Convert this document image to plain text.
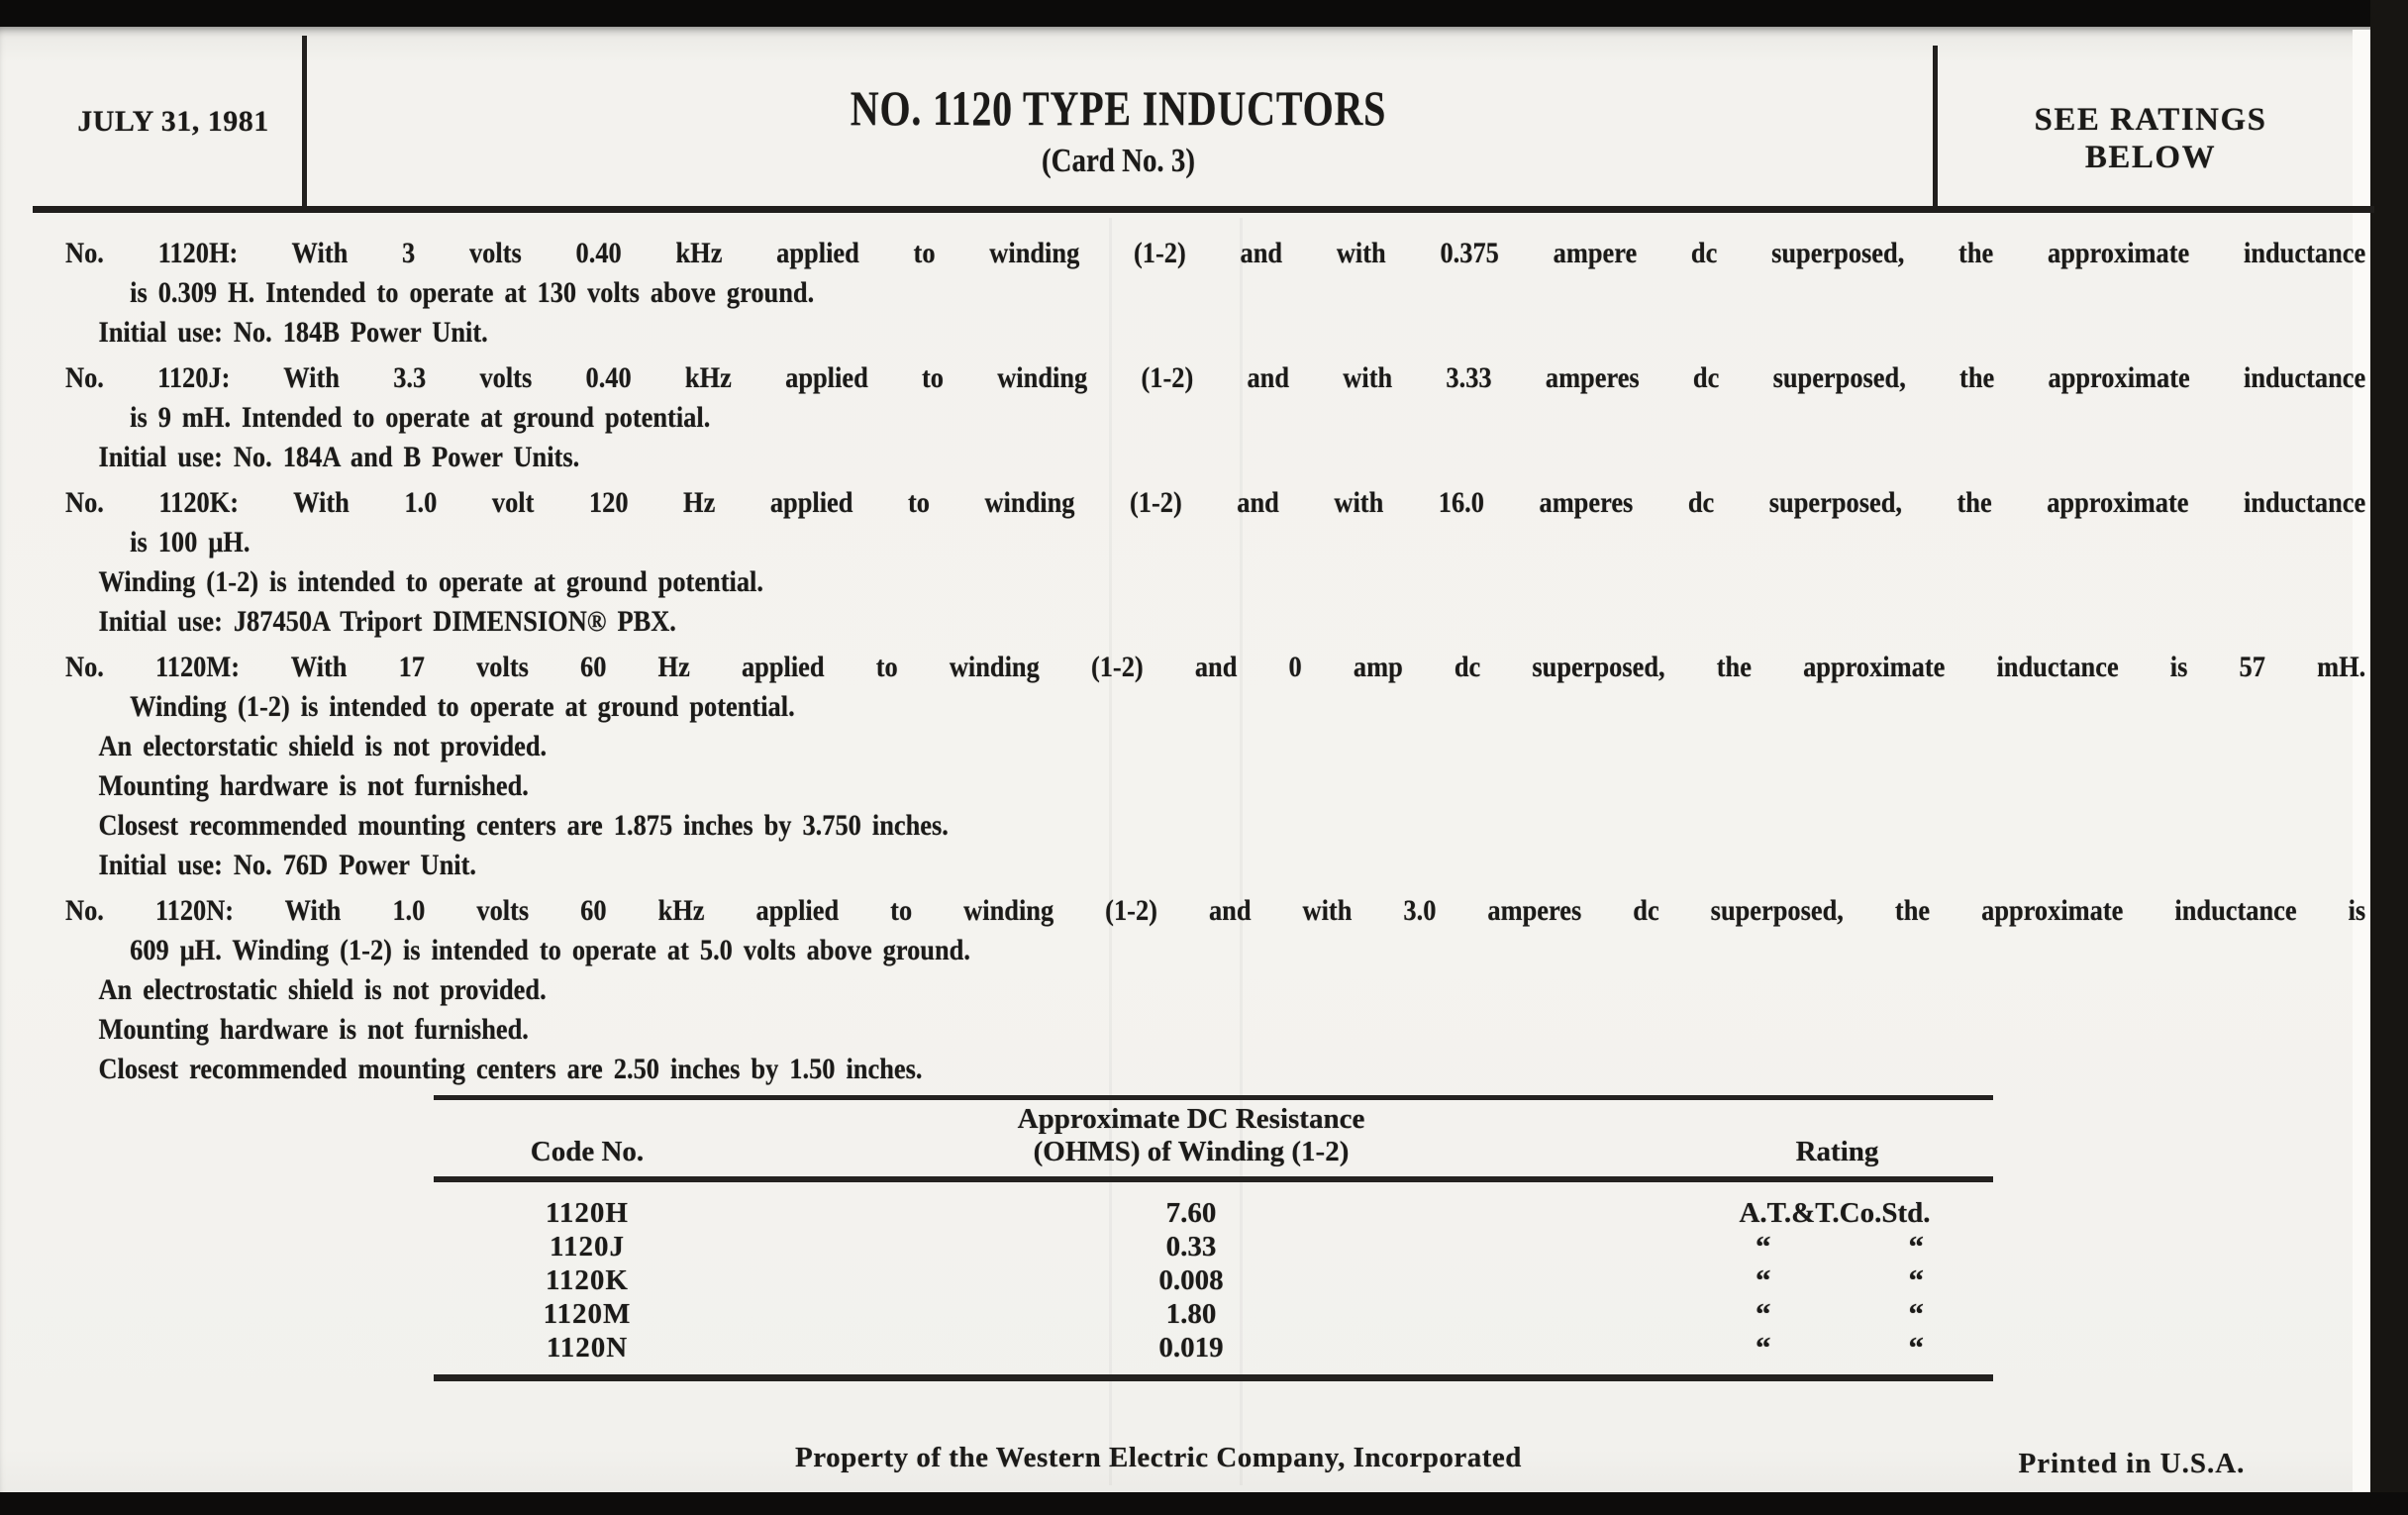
JULY 31, 1981	NO. 1120 TYPE INDUCTORS
(Card No. 3)
SEE RATINGS
BELOW
No. 1120H: With 3 volts 0.40 kHz applied to winding (1-2) and with 0.375 ampere dc superposed, the approximate inductance
is 0.309 H. Intended to operate at 130 volts above ground.
Initial use: No. 184B Power Unit.
No. 1120J: With 3.3 volts 0.40 kHz applied to winding (1-2) and with 3.33 amperes dc superposed, the approximate inductance
is 9 mH. Intended to operate at ground potential.
Initial use: No. 184A and B Power Units.
No. 1120K: With 1.0 volt 120 Hz applied to winding (1-2) and with 16.0 amperes dc superposed, the approximate inductance
is 100 μH.
Winding (1-2) is intended to operate at ground potential.
Initial use: J87450A Triport DIMENSION® PBX.
No. 1120M: With 17 volts 60 Hz applied to winding (1-2) and 0 amp dc superposed, the approximate inductance is 57 mH.
Winding (1-2) is intended to operate at ground potential.
An electorstatic shield is not provided.
Mounting hardware is not furnished.
Closest recommended mounting centers are 1.875 inches by 3.750 inches.
Initial use: No. 76D Power Unit.
No. 1120N: With 1.0 volts 60 kHz applied to winding (1-2) and with 3.0 amperes dc superposed, the approximate inductance is
609 μH. Winding (1-2) is intended to operate at 5.0 volts above ground.
An electrostatic shield is not provided.
Mounting hardware is not furnished.
Closest recommended mounting centers are 2.50 inches by 1.50 inches.
Code No.
Approximate DC Resistance
(OHMS) of Winding (1-2)	Rating
1120H	7.60	A.T.&T.Co.Std.
1120J	0.33	“	“
1120K	0.008	“	“
1120M	1.80	“	“
1120N	0.019	“	“
Property of the Western Electric Company, Incorporated	Printed in U.S.A.
